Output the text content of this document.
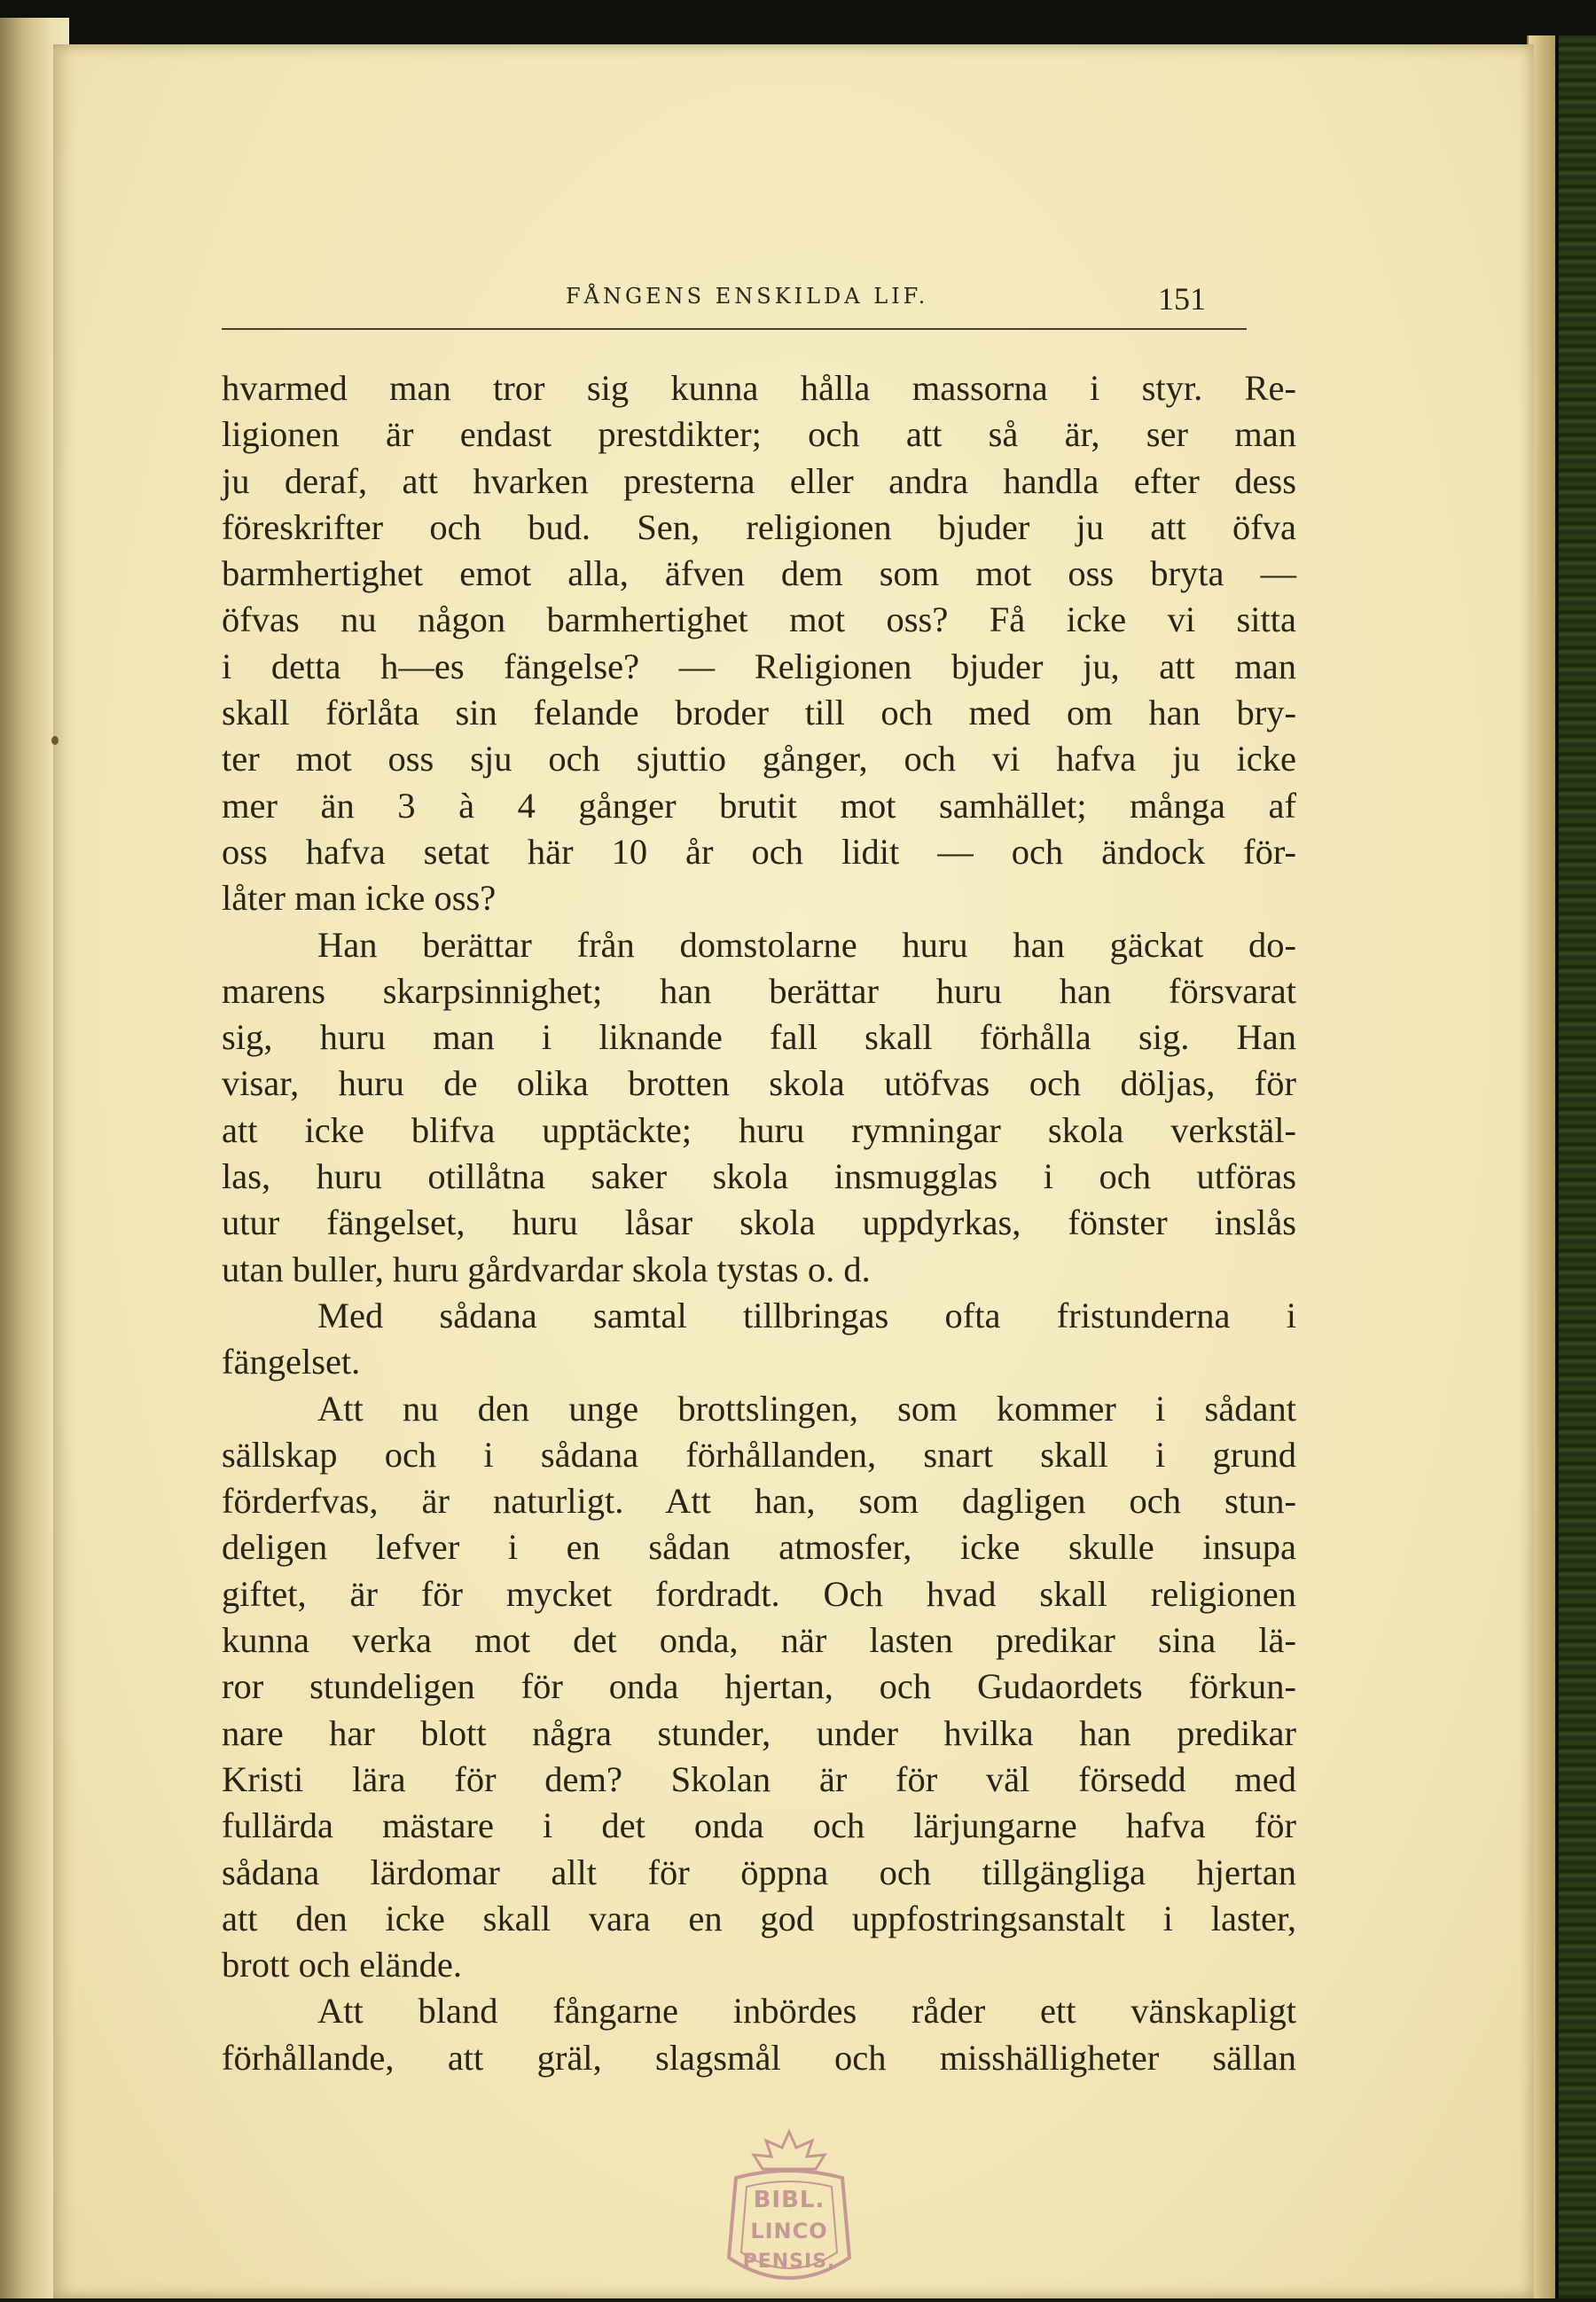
FÅNGENS ENSKILDA LIF.	151

hvarmed man tror sig kunna hålla massorna i styr. Re-
ligionen är endast prestdikter; och att så är, ser man
ju deraf, att hvarken presterna eller andra handla efter dess
föreskrifter och bud. Sen, religionen bjuder ju att öfva
barmhertighet emot alla, äfven dem som mot oss bryta —
öfvas nu någon barmhertighet mot oss? Få icke vi sitta
i detta h—es fängelse? — Religionen bjuder ju, att man
skall förlåta sin felande broder till och med om han bry-
ter mot oss sju och sjuttio gånger, och vi hafva ju icke
mer än 3 à 4 gånger brutit mot samhället; många af
oss hafva setat här 10 år och lidit — och ändock för-
låter man icke oss?

Han berättar från domstolarne huru han gäckat do-
marens skarpsinnighet; han berättar huru han försvarat
sig, huru man i liknande fall skall förhålla sig. Han
visar, huru de olika brotten skola utöfvas och döljas, för
att icke blifva upptäckte; huru rymningar skola verkstäl-
las, huru otillåtna saker skola insmugglas i och utföras
utur fängelset, huru låsar skola uppdyrkas, fönster inslås
utan buller, huru gårdvardar skola tystas o. d.

Med sådana samtal tillbringas ofta fristunderna i
fängelset.

Att nu den unge brottslingen, som kommer i sådant
sällskap och i sådana förhållanden, snart skall i grund
förderfvas, är naturligt. Att han, som dagligen och stun-
deligen lefver i en sådan atmosfer, icke skulle insupa
giftet, är för mycket fordradt. Och hvad skall religionen
kunna verka mot det onda, när lasten predikar sina lä-
ror stundeligen för onda hjertan, och Gudaordets förkun-
nare har blott några stunder, under hvilka han predikar
Kristi lära för dem? Skolan är för väl försedd med
fullärda mästare i det onda och lärjungarne hafva för
sådana lärdomar allt för öppna och tillgängliga hjertan
att den icke skall vara en god uppfostringsanstalt i laster,
brott och elände.

Att bland fångarne inbördes råder ett vänskapligt
förhållande, att gräl, slagsmål och misshälligheter sällan

BIBL.
LINCO
PENSIS.
